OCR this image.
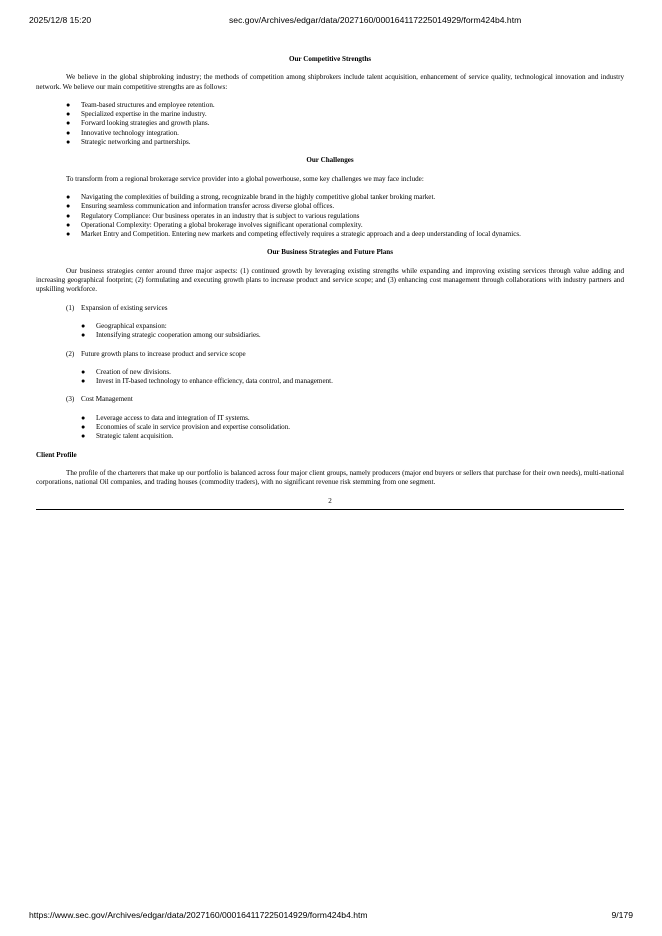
2025/12/8 15:20	sec.gov/Archives/edgar/data/2027160/000164117225014929/form424b4.htm
Our Competitive Strengths

We believe in the global shipbroking industry; the methods of competition among shipbrokers include talent acquisition, enhancement of service quality, technological innovation and industry network. We believe our main competitive strengths are as follows:

● Team-based structures and employee retention.
● Specialized expertise in the marine industry.
● Forward looking strategies and growth plans.
● Innovative technology integration.
● Strategic networking and partnerships.
Our Challenges

To transform from a regional brokerage service provider into a global powerhouse, some key challenges we may face include:

● Navigating the complexities of building a strong, recognizable brand in the highly competitive global tanker broking market.
● Ensuring seamless communication and information transfer across diverse global offices.
● Regulatory Compliance: Our business operates in an industry that is subject to various regulations
● Operational Complexity: Operating a global brokerage involves significant operational complexity.
● Market Entry and Competition. Entering new markets and competing effectively requires a strategic approach and a deep understanding of local dynamics.
Our Business Strategies and Future Plans

Our business strategies center around three major aspects: (1) continued growth by leveraging existing strengths while expanding and improving existing services through value adding and increasing geographical footprint; (2) formulating and executing growth plans to increase product and service scope; and (3) enhancing cost management through collaborations with industry partners and upskilling workforce.

(1) Expansion of existing services
● Geographical expansion:
● Intensifying strategic cooperation among our subsidiaries.
(2) Future growth plans to increase product and service scope
● Creation of new divisions.
● Invest in IT-based technology to enhance efficiency, data control, and management.
(3) Cost Management
● Leverage access to data and integration of IT systems.
● Economies of scale in service provision and expertise consolidation.
● Strategic talent acquisition.
Client Profile

The profile of the charterers that make up our portfolio is balanced across four major client groups, namely producers (major end buyers or sellers that purchase for their own needs), multi-national corporations, national Oil companies, and trading houses (commodity traders), with no significant revenue risk stemming from one segment.

2
https://www.sec.gov/Archives/edgar/data/2027160/000164117225014929/form424b4.htm	9/179
